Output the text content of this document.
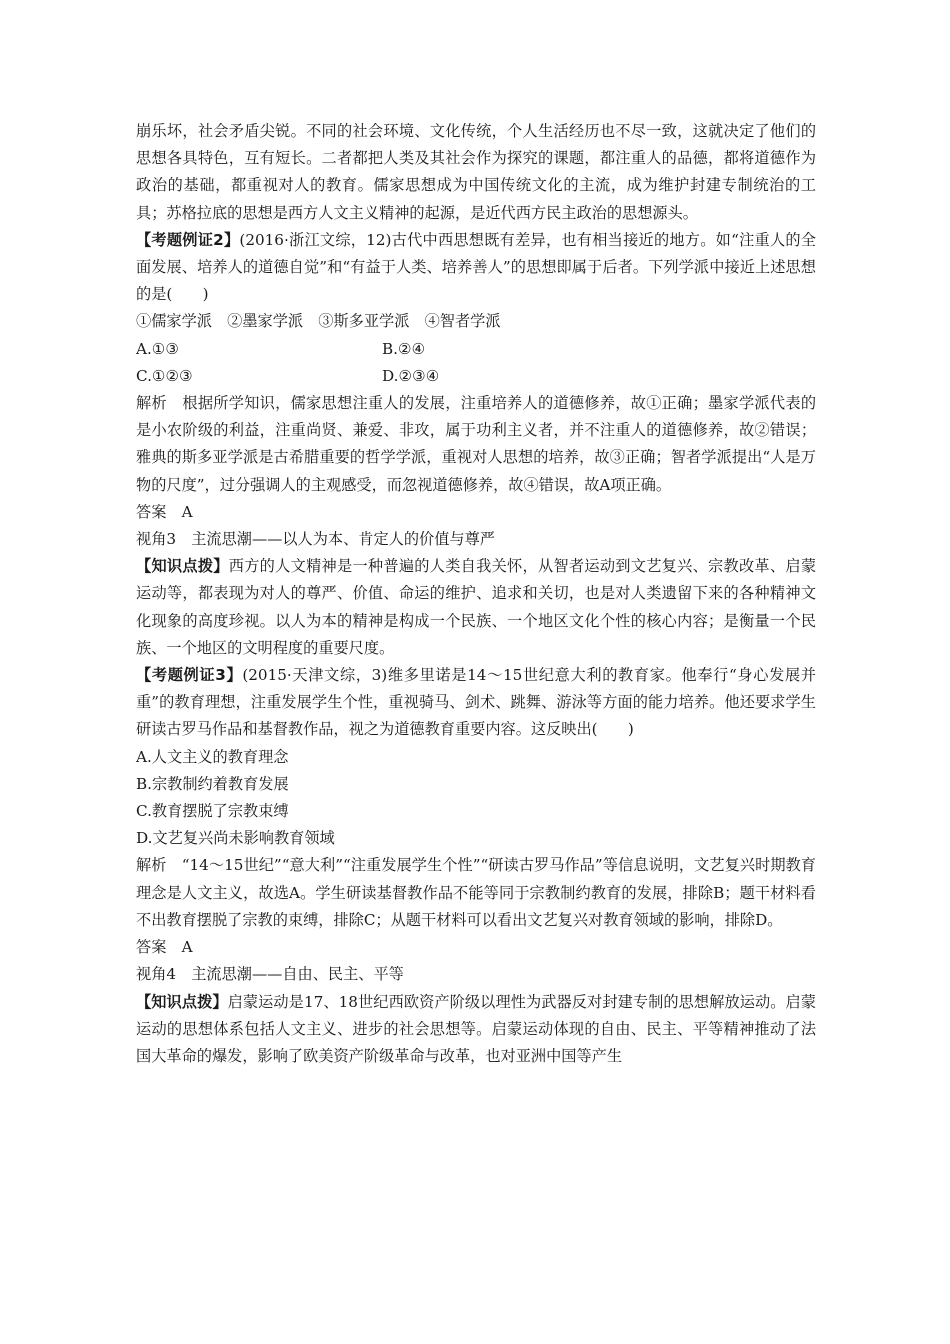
崩乐坏，社会矛盾尖锐。不同的社会环境、文化传统，个人生活经历也不尽一致，这就决定了他们的思想各具特色，互有短长。二者都把人类及其社会作为探究的课题，都注重人的品德，都将道德作为政治的基础，都重视对人的教育。儒家思想成为中国传统文化的主流，成为维护封建专制统治的工具；苏格拉底的思想是西方人文主义精神的起源，是近代西方民主政治的思想源头。

【考题例证2】(2016·浙江文综，12)古代中西思想既有差异，也有相当接近的地方。如“注重人的全面发展、培养人的道德自觉”和“有益于人类、培养善人”的思想即属于后者。下列学派中接近上述思想的是(　　)

①儒家学派　②墨家学派　③斯多亚学派　④智者学派

A.①③	B.②④
C.①②③	D.②③④

解析　根据所学知识，儒家思想注重人的发展，注重培养人的道德修养，故①正确；墨家学派代表的是小农阶级的利益，注重尚贤、兼爱、非攻，属于功利主义者，并不注重人的道德修养，故②错误；雅典的斯多亚学派是古希腊重要的哲学学派，重视对人思想的培养，故③正确；智者学派提出“人是万物的尺度”，过分强调人的主观感受，而忽视道德修养，故④错误，故A项正确。

答案　A

视角3　主流思潮——以人为本、肯定人的价值与尊严

【知识点拨】西方的人文精神是一种普遍的人类自我关怀，从智者运动到文艺复兴、宗教改革、启蒙运动等，都表现为对人的尊严、价值、命运的维护、追求和关切，也是对人类遗留下来的各种精神文化现象的高度珍视。以人为本的精神是构成一个民族、一个地区文化个性的核心内容；是衡量一个民族、一个地区的文明程度的重要尺度。

【考题例证3】(2015·天津文综，3)维多里诺是14～15世纪意大利的教育家。他奉行“身心发展并重”的教育理想，注重发展学生个性，重视骑马、剑术、跳舞、游泳等方面的能力培养。他还要求学生研读古罗马作品和基督教作品，视之为道德教育重要内容。这反映出(　　)

A.人文主义的教育理念

B.宗教制约着教育发展

C.教育摆脱了宗教束缚

D.文艺复兴尚未影响教育领域

解析　“14～15世纪”“意大利”“注重发展学生个性”“研读古罗马作品”等信息说明，文艺复兴时期教育理念是人文主义，故选A。学生研读基督教作品不能等同于宗教制约教育的发展，排除B；题干材料看不出教育摆脱了宗教的束缚，排除C；从题干材料可以看出文艺复兴对教育领域的影响，排除D。

答案　A

视角4　主流思潮——自由、民主、平等

【知识点拨】启蒙运动是17、18世纪西欧资产阶级以理性为武器反对封建专制的思想解放运动。启蒙运动的思想体系包括人文主义、进步的社会思想等。启蒙运动体现的自由、民主、平等精神推动了法国大革命的爆发，影响了欧美资产阶级革命与改革，也对亚洲中国等产生
